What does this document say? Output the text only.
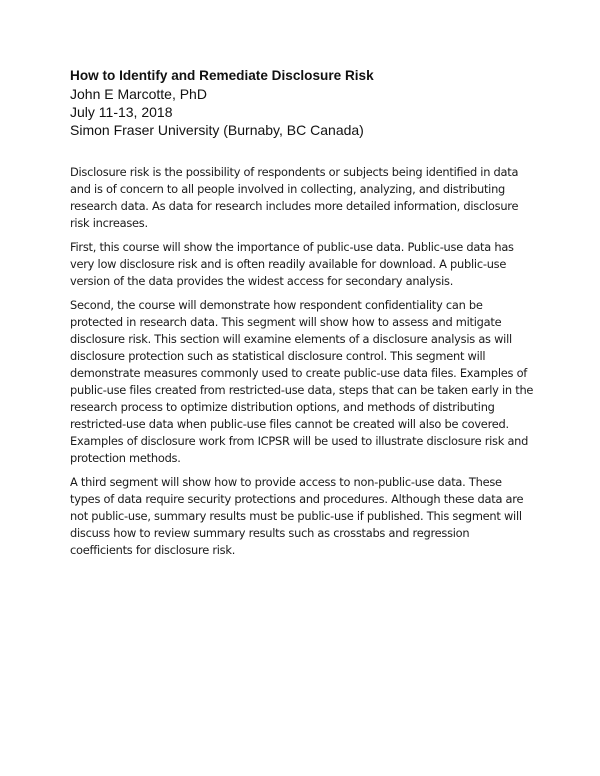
How to Identify and Remediate Disclosure Risk
John E Marcotte, PhD
July 11-13, 2018
Simon Fraser University (Burnaby, BC Canada)

Disclosure risk is the possibility of respondents or subjects being identified in data and is of concern to all people involved in collecting, analyzing, and distributing research data. As data for research includes more detailed information, disclosure risk increases.

First, this course will show the importance of public-use data. Public-use data has very low disclosure risk and is often readily available for download. A public-use version of the data provides the widest access for secondary analysis.

Second, the course will demonstrate how respondent confidentiality can be protected in research data. This segment will show how to assess and mitigate disclosure risk. This section will examine elements of a disclosure analysis as will disclosure protection such as statistical disclosure control. This segment will demonstrate measures commonly used to create public-use data files. Examples of public-use files created from restricted-use data, steps that can be taken early in the research process to optimize distribution options, and methods of distributing restricted-use data when public-use files cannot be created will also be covered. Examples of disclosure work from ICPSR will be used to illustrate disclosure risk and protection methods.

A third segment will show how to provide access to non-public-use data. These types of data require security protections and procedures. Although these data are not public-use, summary results must be public-use if published. This segment will discuss how to review summary results such as crosstabs and regression coefficients for disclosure risk.
